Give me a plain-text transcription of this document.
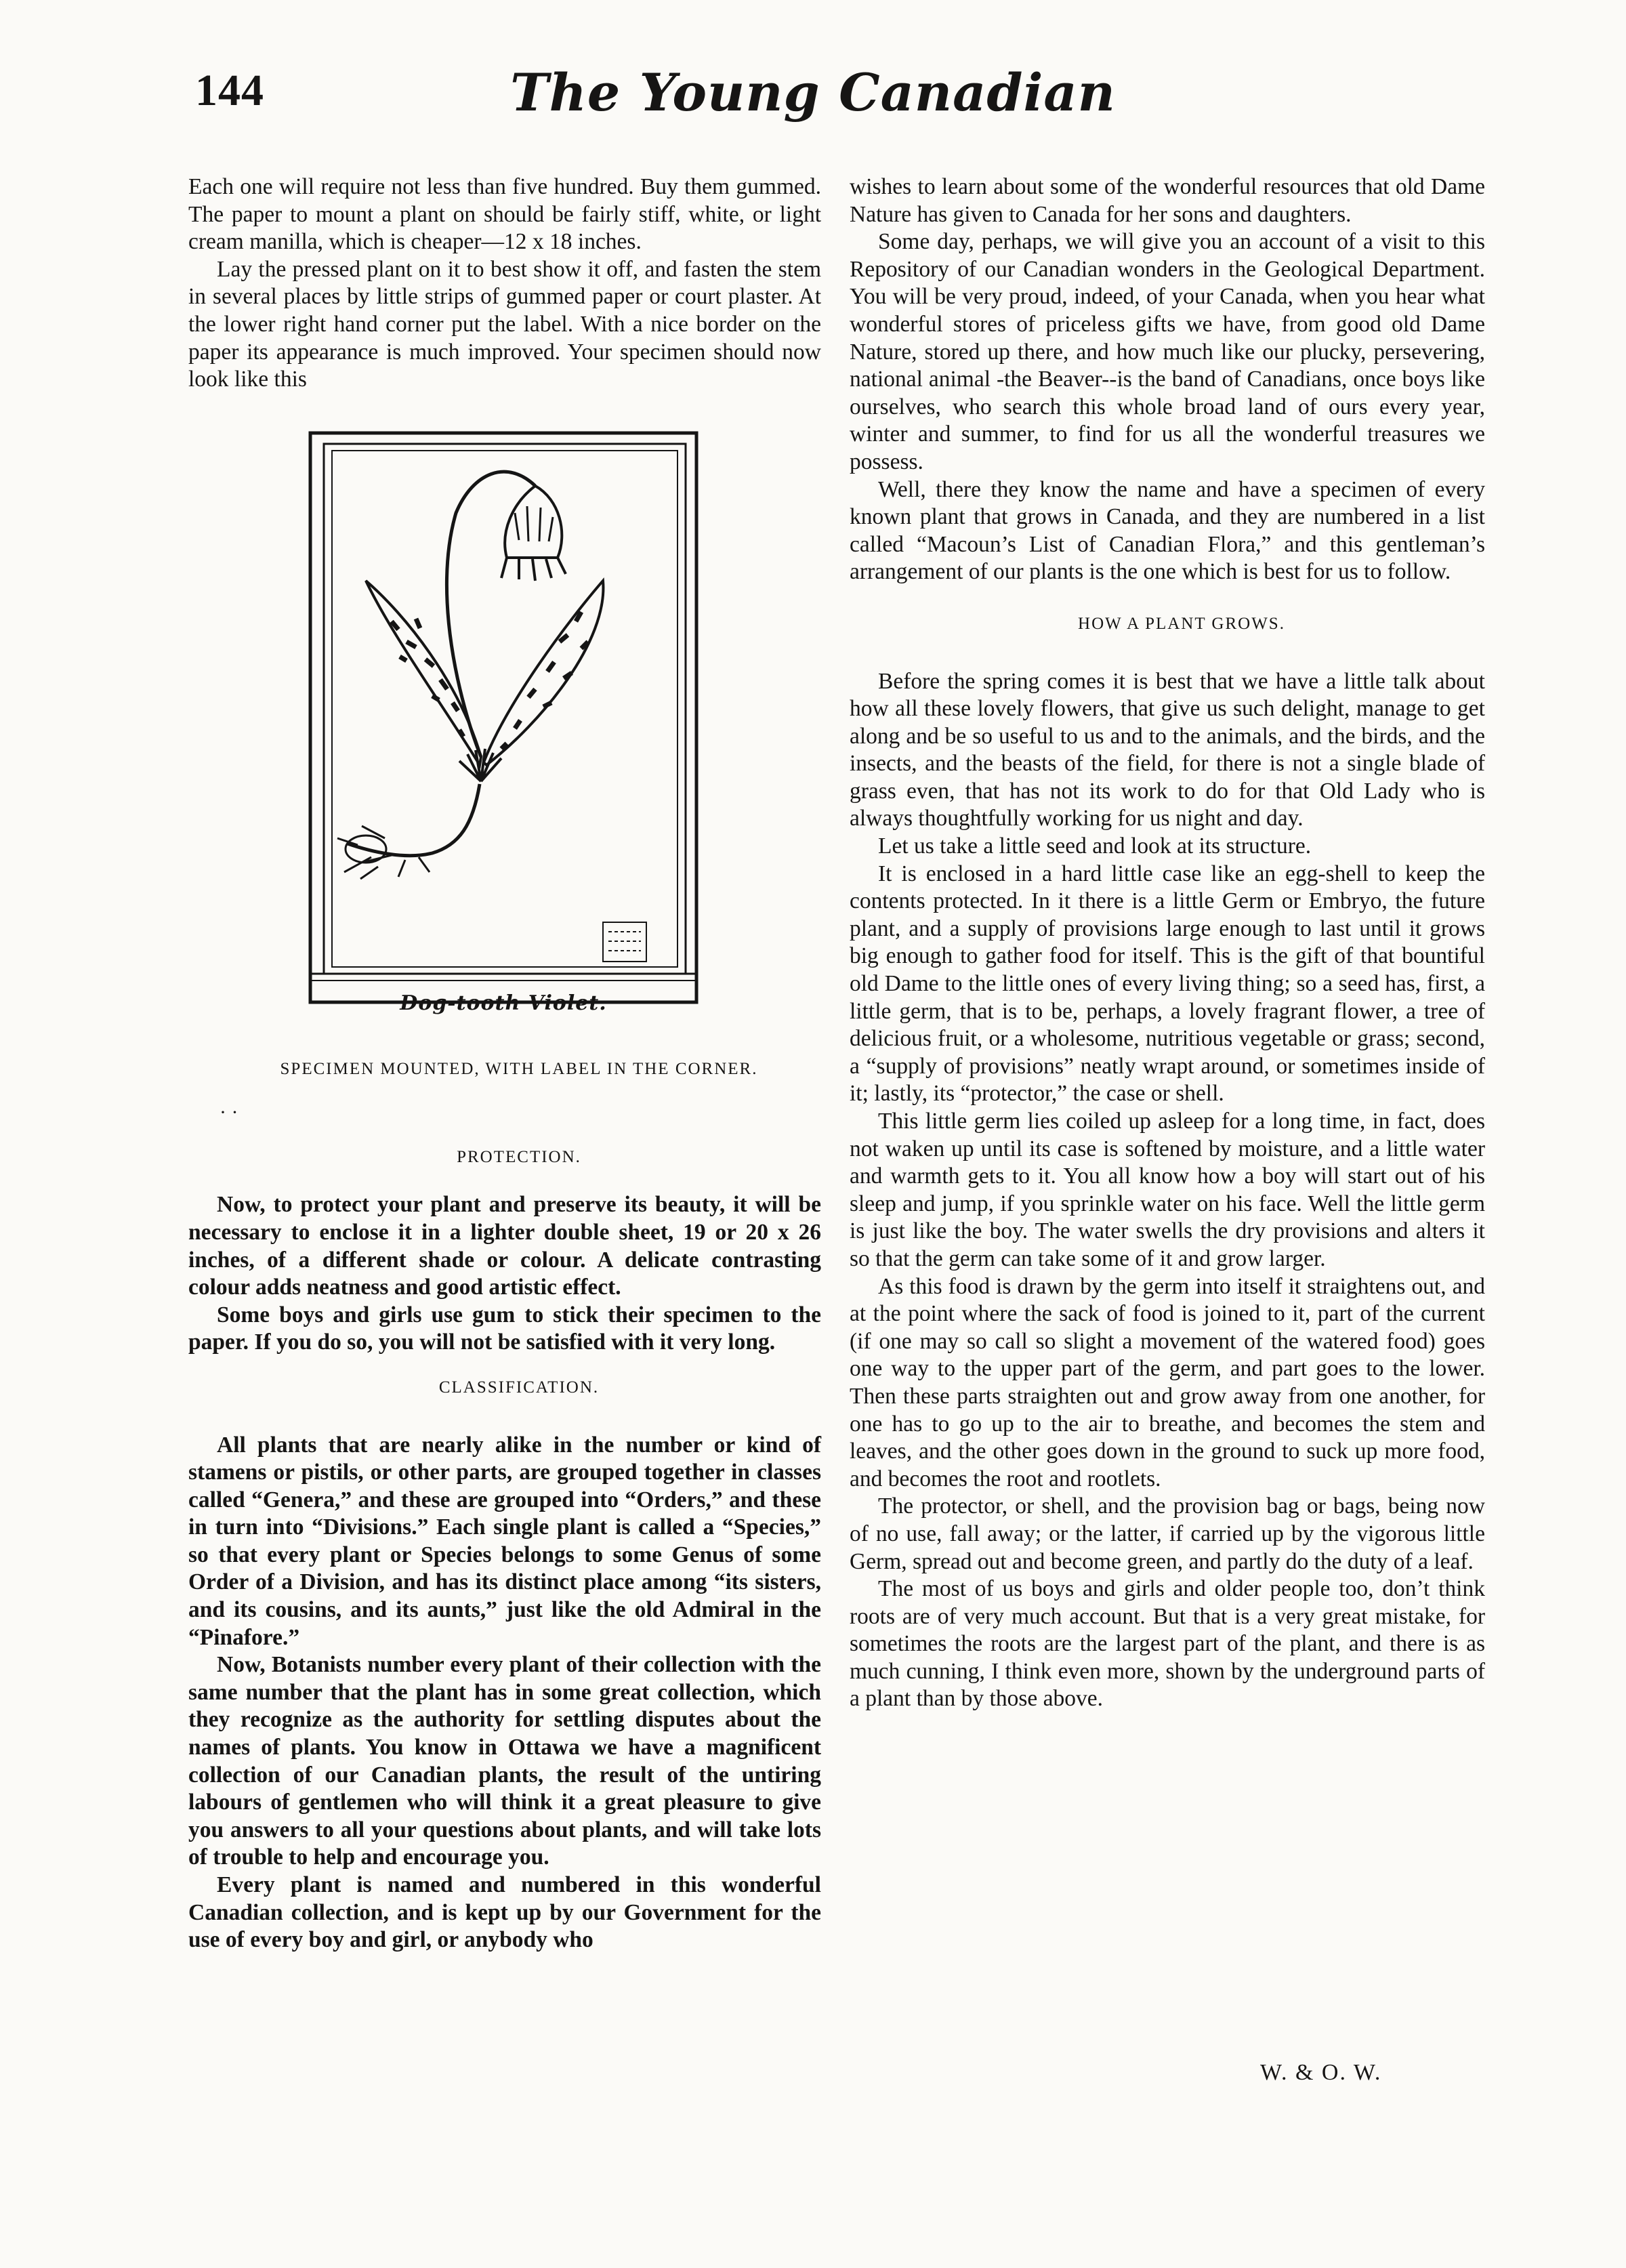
144	The Young Canadian

Each one will require not less than five hundred. Buy them gummed. The paper to mount a plant on should be fairly stiff, white, or light cream manilla, which is cheaper—12 x 18 inches.

Lay the pressed plant on it to best show it off, and fasten the stem in several places by little strips of gummed paper or court plaster. At the lower right hand corner put the label. With a nice border on the paper its appearance is much improved. Your specimen should now look like this

Dog-tooth Violet.

SPECIMEN MOUNTED, WITH LABEL IN THE CORNER.

· ·

PROTECTION.

Now, to protect your plant and preserve its beauty, it will be necessary to enclose it in a lighter double sheet, 19 or 20 x 26 inches, of a different shade or colour. A delicate contrasting colour adds neatness and good artistic effect.

Some boys and girls use gum to stick their specimen to the paper. If you do so, you will not be satisfied with it very long.

CLASSIFICATION.

All plants that are nearly alike in the number or kind of stamens or pistils, or other parts, are grouped together in classes called “Genera,” and these are grouped into “Orders,” and these in turn into “Divisions.” Each single plant is called a “Species,” so that every plant or Species belongs to some Genus of some Order of a Division, and has its distinct place among “its sisters, and its cousins, and its aunts,” just like the old Admiral in the “Pinafore.”

Now, Botanists number every plant of their collection with the same number that the plant has in some great collection, which they recognize as the authority for settling disputes about the names of plants. You know in Ottawa we have a magnificent collection of our Canadian plants, the result of the untiring labours of gentlemen who will think it a great pleasure to give you answers to all your questions about plants, and will take lots of trouble to help and encourage you.

Every plant is named and numbered in this wonderful Canadian collection, and is kept up by our Government for the use of every boy and girl, or anybody who

wishes to learn about some of the wonderful resources that old Dame Nature has given to Canada for her sons and daughters.

Some day, perhaps, we will give you an account of a visit to this Repository of our Canadian wonders in the Geological Department. You will be very proud, indeed, of your Canada, when you hear what wonderful stores of priceless gifts we have, from good old Dame Nature, stored up there, and how much like our plucky, persevering, national animal -the Beaver--is the band of Canadians, once boys like ourselves, who search this whole broad land of ours every year, winter and summer, to find for us all the wonderful treasures we possess.

Well, there they know the name and have a specimen of every known plant that grows in Canada, and they are numbered in a list called “Macoun’s List of Canadian Flora,” and this gentleman’s arrangement of our plants is the one which is best for us to follow.

HOW A PLANT GROWS.

Before the spring comes it is best that we have a little talk about how all these lovely flowers, that give us such delight, manage to get along and be so useful to us and to the animals, and the birds, and the insects, and the beasts of the field, for there is not a single blade of grass even, that has not its work to do for that Old Lady who is always thoughtfully working for us night and day.

Let us take a little seed and look at its structure.

It is enclosed in a hard little case like an egg-shell to keep the contents protected. In it there is a little Germ or Embryo, the future plant, and a supply of provisions large enough to last until it grows big enough to gather food for itself. This is the gift of that bountiful old Dame to the little ones of every living thing; so a seed has, first, a little germ, that is to be, perhaps, a lovely fragrant flower, a tree of delicious fruit, or a wholesome, nutritious vegetable or grass; second, a “supply of provisions” neatly wrapt around, or sometimes inside of it; lastly, its “protector,” the case or shell.

This little germ lies coiled up asleep for a long time, in fact, does not waken up until its case is softened by moisture, and a little water and warmth gets to it. You all know how a boy will start out of his sleep and jump, if you sprinkle water on his face. Well the little germ is just like the boy. The water swells the dry provisions and alters it so that the germ can take some of it and grow larger.

As this food is drawn by the germ into itself it straightens out, and at the point where the sack of food is joined to it, part of the current (if one may so call so slight a movement of the watered food) goes one way to the upper part of the germ, and part goes to the lower. Then these parts straighten out and grow away from one another, for one has to go up to the air to breathe, and becomes the stem and leaves, and the other goes down in the ground to suck up more food, and becomes the root and rootlets.

The protector, or shell, and the provision bag or bags, being now of no use, fall away; or the latter, if carried up by the vigorous little Germ, spread out and become green, and partly do the duty of a leaf.

The most of us boys and girls and older people too, don’t think roots are of very much account. But that is a very great mistake, for sometimes the roots are the largest part of the plant, and there is as much cunning, I think even more, shown by the underground parts of a plant than by those above.

W. & O. W.
